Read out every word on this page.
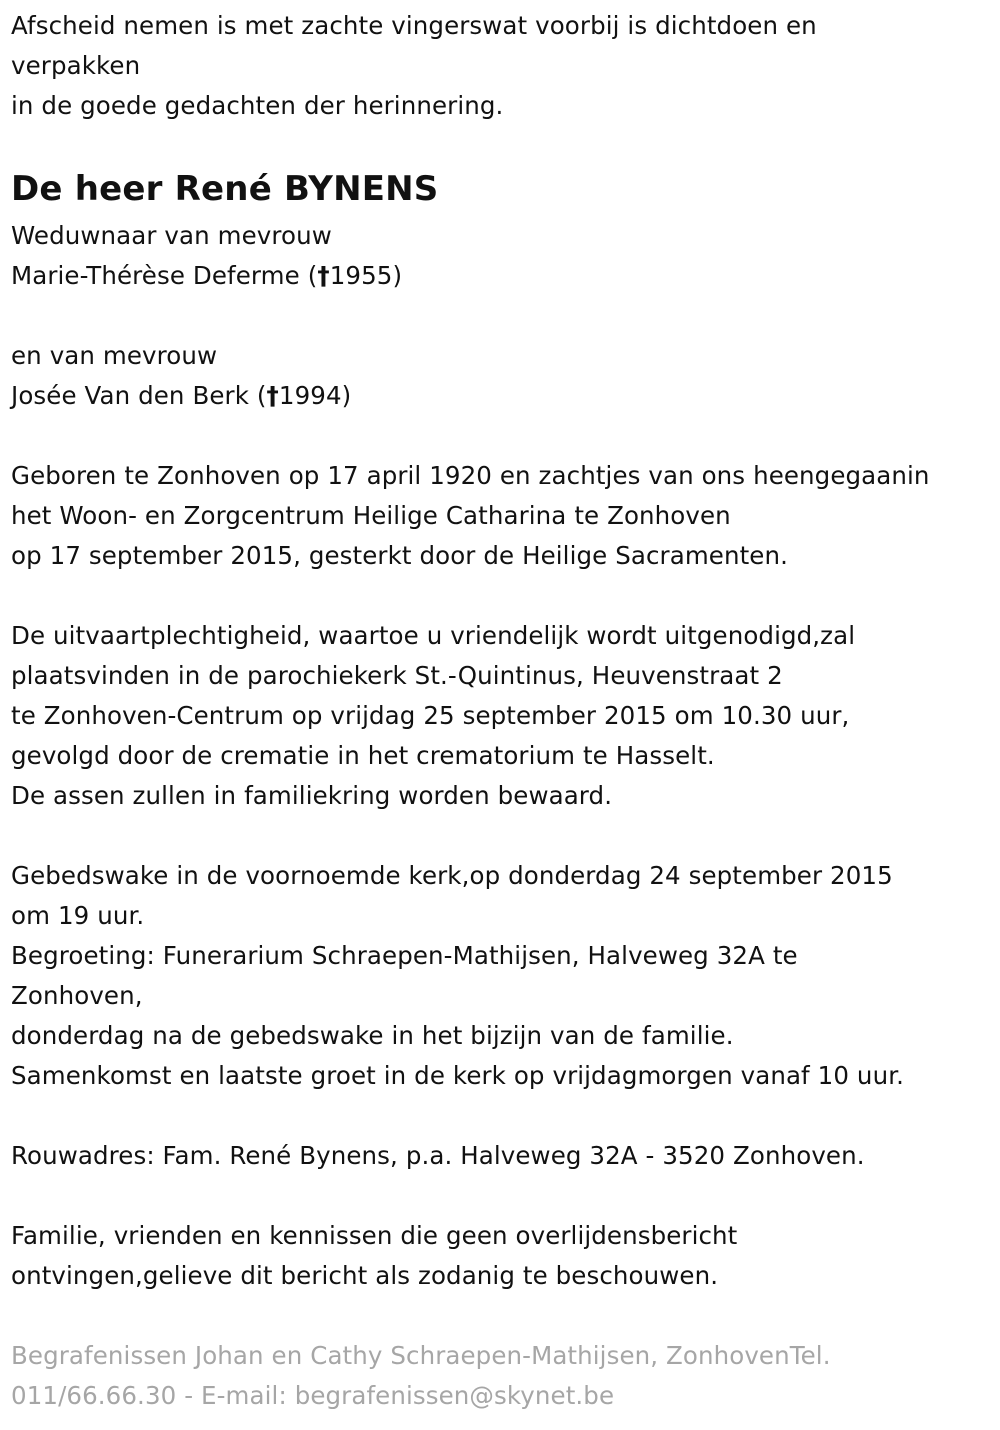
Afscheid nemen is met zachte vingerswat voorbij is dichtdoen en
verpakken
in de goede gedachten der herinnering.
De heer René BYNENS
Weduwnaar van mevrouw
Marie-Thérèse Deferme (†1955)
en van mevrouw
Josée Van den Berk (†1994)
Geboren te Zonhoven op 17 april 1920 en zachtjes van ons heengegaanin
het Woon- en Zorgcentrum Heilige Catharina te Zonhoven
op 17 september 2015, gesterkt door de Heilige Sacramenten.
De uitvaartplechtigheid, waartoe u vriendelijk wordt uitgenodigd,zal
plaatsvinden in de parochiekerk St.-Quintinus, Heuvenstraat 2
te Zonhoven-Centrum op vrijdag 25 september 2015 om 10.30 uur,
gevolgd door de crematie in het crematorium te Hasselt.
De assen zullen in familiekring worden bewaard.
Gebedswake in de voornoemde kerk,op donderdag 24 september 2015
om 19 uur.
Begroeting: Funerarium Schraepen-Mathijsen, Halveweg 32A te
Zonhoven,
donderdag na de gebedswake in het bijzijn van de familie.
Samenkomst en laatste groet in de kerk op vrijdagmorgen vanaf 10 uur.
Rouwadres: Fam. René Bynens, p.a. Halveweg 32A - 3520 Zonhoven.
Familie, vrienden en kennissen die geen overlijdensbericht
ontvingen,gelieve dit bericht als zodanig te beschouwen.
Begrafenissen Johan en Cathy Schraepen-Mathijsen, ZonhovenTel.
011/66.66.30 - E-mail: begrafenissen@skynet.be
